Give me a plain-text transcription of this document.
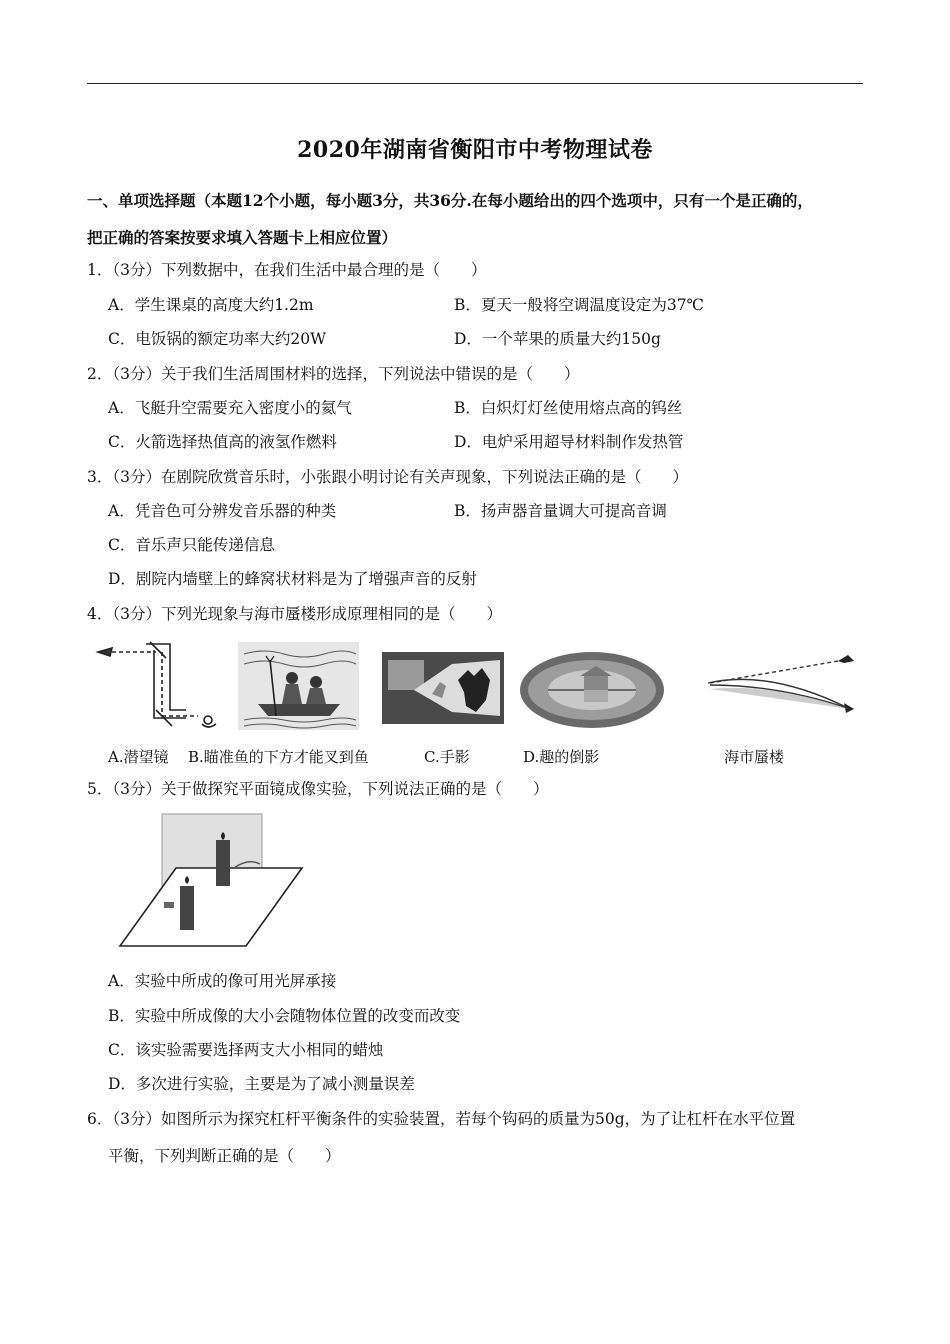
2020年湖南省衡阳市中考物理试卷
一、单项选择题（本题12个小题，每小题3分，共36分.在每小题给出的四个选项中，只有一个是正确的，
把正确的答案按要求填入答题卡上相应位置）
1．（3分）下列数据中，在我们生活中最合理的是（　　）
A．学生课桌的高度大约1.2m	B．夏天一般将空调温度设定为37℃
C．电饭锅的额定功率大约20W	D．一个苹果的质量大约150g
2．（3分）关于我们生活周围材料的选择，下列说法中错误的是（　　）
A．飞艇升空需要充入密度小的氦气	B．白炽灯灯丝使用熔点高的钨丝
C．火箭选择热值高的液氢作燃料	D．电炉采用超导材料制作发热管
3．（3分）在剧院欣赏音乐时，小张跟小明讨论有关声现象，下列说法正确的是（　　）
A．凭音色可分辨发音乐器的种类	B．扬声器音量调大可提高音调
C．音乐声只能传递信息
D．剧院内墙壁上的蜂窝状材料是为了增强声音的反射
4．（3分）下列光现象与海市蜃楼形成原理相同的是（　　）
A.潜望镜 B.瞄准鱼的下方才能叉到鱼	C.手影	D.趣的倒影	海市蜃楼
5．（3分）关于做探究平面镜成像实验，下列说法正确的是（　　）
A．实验中所成的像可用光屏承接
B．实验中所成像的大小会随物体位置的改变而改变
C．该实验需要选择两支大小相同的蜡烛
D．多次进行实验，主要是为了减小测量误差
6．（3分）如图所示为探究杠杆平衡条件的实验装置，若每个钩码的质量为50g，为了让杠杆在水平位置
平衡，下列判断正确的是（　　）
